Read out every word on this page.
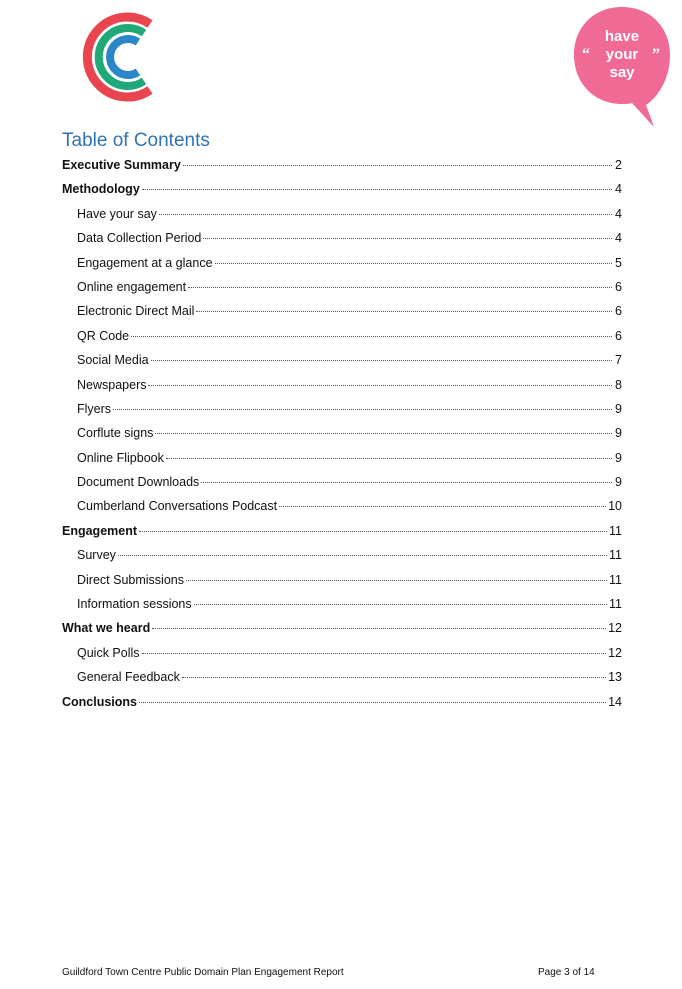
“	”
have
your
say
Table of Contents
Executive Summary	2
Methodology	4
Have your say	4
Data Collection Period	4
Engagement at a glance	5
Online engagement	6
Electronic Direct Mail	6
QR Code	6
Social Media	7
Newspapers	8
Flyers	9
Corflute signs	9
Online Flipbook	9
Document Downloads	9
Cumberland Conversations Podcast	10
Engagement	11
Survey	11
Direct Submissions	11
Information sessions	11
What we heard	12
Quick Polls	12
General Feedback	13
Conclusions	14
Guildford Town Centre Public Domain Plan Engagement Report	Page 3 of 14
